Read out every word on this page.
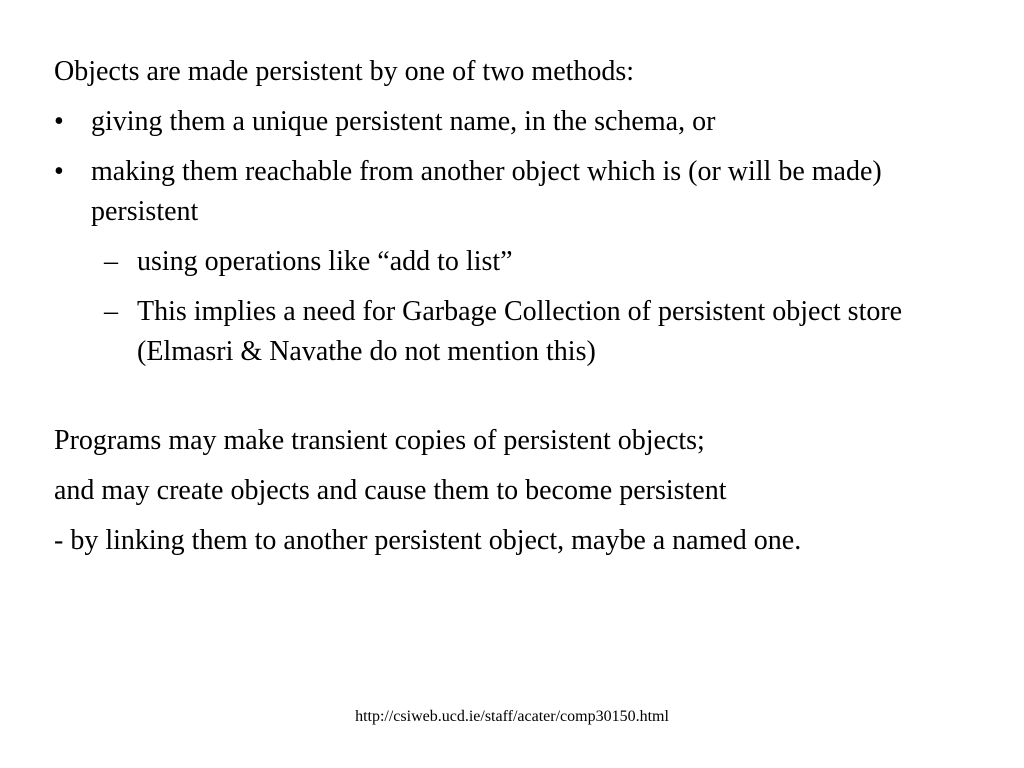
Objects are made persistent by one of two methods:

• giving them a unique persistent name, in the schema, or
• making them reachable from another object which is (or will be made) persistent
– using operations like “add to list”
– This implies a need for Garbage Collection of persistent object store (Elmasri & Navathe do not mention this)

Programs may make transient copies of persistent objects;

and may create objects and cause them to become persistent

- by linking them to another persistent object, maybe a named one.

http://csiweb.ucd.ie/staff/acater/comp30150.html
